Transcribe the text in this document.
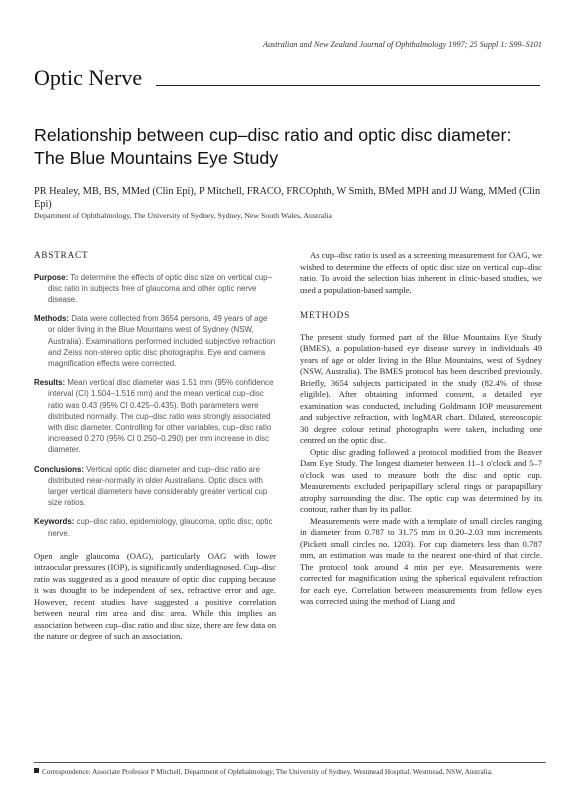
Australian and New Zealand Journal of Ophthalmology 1997; 25 Suppl 1: S99–S101
Optic Nerve
Relationship between cup–disc ratio and optic disc diameter:
The Blue Mountains Eye Study
PR Healey, MB, BS, MMed (Clin Epi), P Mitchell, FRACO, FRCOphth, W Smith, BMed MPH and JJ Wang, MMed (Clin Epi)
Department of Ophthalmology, The University of Sydney, Sydney, New South Wales, Australia
ABSTRACT

Purpose: To determine the effects of optic disc size on vertical cup–disc ratio in subjects free of glaucoma and other optic nerve disease.

Methods: Data were collected from 3654 persons, 49 years of age or older living in the Blue Mountains west of Sydney (NSW, Australia). Examinations performed included subjective refraction and Zeiss non-stereo optic disc photographs. Eye and camera magnification effects were corrected.

Results: Mean vertical disc diameter was 1.51 mm (95% confidence interval (CI) 1.504–1.516 mm) and the mean vertical cup–disc ratio was 0.43 (95% CI 0.425–0.435). Both parameters were distributed normally. The cup–disc ratio was strongly associated with disc diameter. Controlling for other variables, cup–disc ratio increased 0.270 (95% CI 0.250–0.290) per mm increase in disc diameter.

Conclusions: Vertical optic disc diameter and cup–disc ratio are distributed near-normally in older Australians. Optic discs with larger vertical diameters have considerably greater vertical cup size ratios.

Keywords: cup–disc ratio, epidemiology, glaucoma, optic disc, optic nerve.

Open angle glaucoma (OAG), particularly OAG with lower intraocular pressures (IOP), is significantly underdiagnosed. Cup–disc ratio was suggested as a good measure of optic disc cupping because it was thought to be independent of sex, refractive error and age. However, recent studies have suggested a positive correlation between neural rim area and disc area. While this implies an association between cup–disc ratio and disc size, there are few data on the nature or degree of such an association.

As cup–disc ratio is used as a screening measurement for OAG, we wished to determine the effects of optic disc size on vertical cup–disc ratio. To avoid the selection bias inherent in clinic-based studies, we used a population-based sample.

METHODS

The present study formed part of the Blue Mountains Eye Study (BMES), a population-based eye disease survey in individuals 49 years of age or older living in the Blue Mountains, west of Sydney (NSW, Australia). The BMES protocol has been described previously. Briefly, 3654 subjects participated in the study (82.4% of those eligible). After obtaining informed consent, a detailed eye examination was conducted, including Goldmann IOP measurement and subjective refraction, with logMAR chart. Dilated, stereoscopic 30 degree colour retinal photographs were taken, including one centred on the optic disc.

Optic disc grading followed a protocol modified from the Beaver Dam Eye Study. The longest diameter between 11–1 o'clock and 5–7 o'clock was used to measure both the disc and optic cup. Measurements excluded peripapillary scleral rings or parapapillary atrophy surrounding the disc. The optic cup was determined by its contour, rather than by its pallor.

Measurements were made with a template of small circles ranging in diameter from 0.787 to 31.75 mm in 0.20–2.03 mm increments (Pickett small circles no. 1203). For cup diameters less than 0.787 mm, an estimation was made to the nearest one-third of that circle. The protocol took around 4 min per eye. Measurements were corrected for magnification using the spherical equivalent refraction for each eye. Correlation between measurements from fellow eyes was corrected using the method of Liang and

Correspondence: Associate Professor P Mitchell, Department of Ophthalmology, The University of Sydney, Westmead Hospital, Westmead, NSW, Australia.
